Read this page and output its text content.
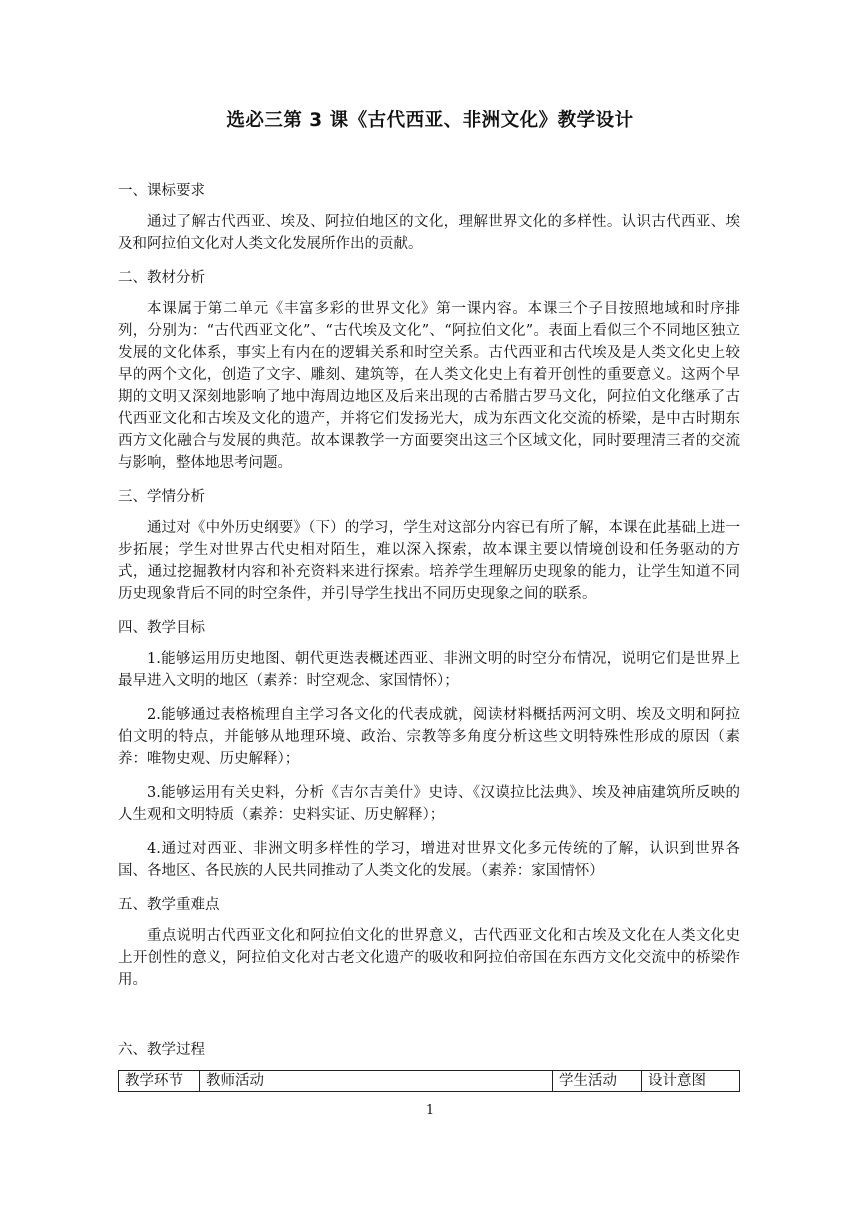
选必三第 3 课《古代西亚、非洲文化》教学设计
一、课标要求

通过了解古代西亚、埃及、阿拉伯地区的文化，理解世界文化的多样性。认识古代西亚、埃及和阿拉伯文化对人类文化发展所作出的贡献。

二、教材分析

本课属于第二单元《丰富多彩的世界文化》第一课内容。本课三个子目按照地域和时序排列，分别为：“古代西亚文化”、“古代埃及文化”、“阿拉伯文化”。表面上看似三个不同地区独立发展的文化体系，事实上有内在的逻辑关系和时空关系。古代西亚和古代埃及是人类文化史上较早的两个文化，创造了文字、雕刻、建筑等，在人类文化史上有着开创性的重要意义。这两个早期的文明又深刻地影响了地中海周边地区及后来出现的古希腊古罗马文化，阿拉伯文化继承了古代西亚文化和古埃及文化的遗产，并将它们发扬光大，成为东西文化交流的桥梁，是中古时期东西方文化融合与发展的典范。故本课教学一方面要突出这三个区域文化，同时要理清三者的交流与影响，整体地思考问题。

三、学情分析

通过对《中外历史纲要》（下）的学习，学生对这部分内容已有所了解，本课在此基础上进一步拓展；学生对世界古代史相对陌生，难以深入探索，故本课主要以情境创设和任务驱动的方式，通过挖掘教材内容和补充资料来进行探索。培养学生理解历史现象的能力，让学生知道不同历史现象背后不同的时空条件，并引导学生找出不同历史现象之间的联系。

四、教学目标

1.能够运用历史地图、朝代更迭表概述西亚、非洲文明的时空分布情况，说明它们是世界上最早进入文明的地区（素养：时空观念、家国情怀）；

2.能够通过表格梳理自主学习各文化的代表成就，阅读材料概括两河文明、埃及文明和阿拉伯文明的特点，并能够从地理环境、政治、宗教等多角度分析这些文明特殊性形成的原因（素养：唯物史观、历史解释）；

3.能够运用有关史料，分析《吉尔吉美什》史诗、《汉谟拉比法典》、埃及神庙建筑所反映的人生观和文明特质（素养：史料实证、历史解释）；

4.通过对西亚、非洲文明多样性的学习，增进对世界文化多元传统的了解，认识到世界各国、各地区、各民族的人民共同推动了人类文化的发展。（素养：家国情怀）

五、教学重难点

重点说明古代西亚文化和阿拉伯文化的世界意义，古代西亚文化和古埃及文化在人类文化史上开创性的意义，阿拉伯文化对古老文化遗产的吸收和阿拉伯帝国在东西方文化交流中的桥梁作用。

六、教学过程
教学环节	教师活动	学生活动	设计意图
1
